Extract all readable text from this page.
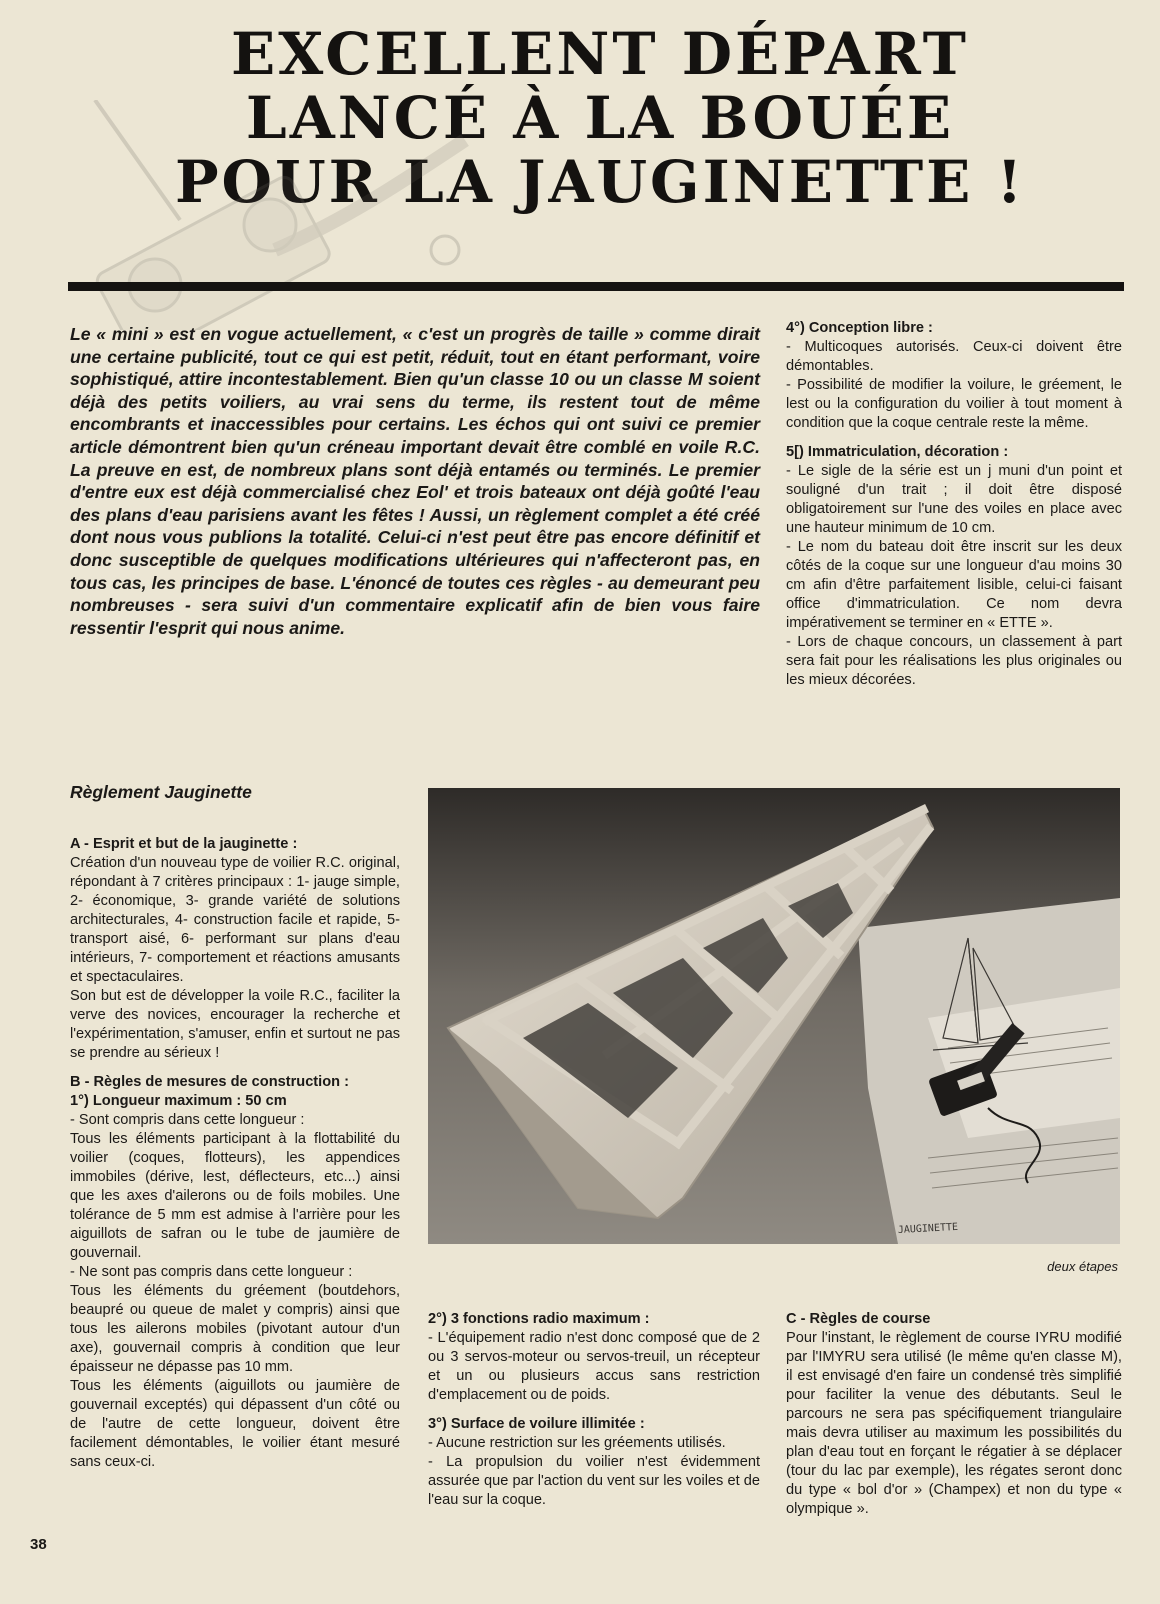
EXCELLENT DÉPART
LANCÉ À LA BOUÉE
POUR LA JAUGINETTE !
Le « mini » est en vogue actuellement, « c'est un progrès de taille » comme dirait une certaine publicité, tout ce qui est petit, réduit, tout en étant performant, voire sophistiqué, attire incontestablement. Bien qu'un classe 10 ou un classe M soient déjà des petits voiliers, au vrai sens du terme, ils restent tout de même encombrants et inaccessibles pour certains. Les échos qui ont suivi ce premier article démontrent bien qu'un créneau important devait être comblé en voile R.C. La preuve en est, de nombreux plans sont déjà entamés ou terminés. Le premier d'entre eux est déjà commercialisé chez Eol' et trois bateaux ont déjà goûté l'eau des plans d'eau parisiens avant les fêtes ! Aussi, un règlement complet a été créé dont nous vous publions la totalité. Celui-ci n'est peut être pas encore définitif et donc susceptible de quelques modifications ultérieures qui n'affecteront pas, en tous cas, les principes de base. L'énoncé de toutes ces règles - au demeurant peu nombreuses - sera suivi d'un commentaire explicatif afin de bien vous faire ressentir l'esprit qui nous anime.
4°) Conception libre :

- Multicoques autorisés. Ceux-ci doivent être démontables.

- Possibilité de modifier la voilure, le gréement, le lest ou la configuration du voilier à tout moment à condition que la coque centrale reste la même.

5[) Immatriculation, décoration :

- Le sigle de la série est un j muni d'un point et souligné d'un trait ; il doit être disposé obligatoirement sur l'une des voiles en place avec une hauteur minimum de 10 cm.

- Le nom du bateau doit être inscrit sur les deux côtés de la coque sur une longueur d'au moins 30 cm afin d'être parfaitement lisible, celui-ci faisant office d'immatriculation. Ce nom devra impérativement se terminer en « ETTE ».

- Lors de chaque concours, un classement à part sera fait pour les réalisations les plus originales ou les mieux décorées.

Règlement Jauginette
A - Esprit et but de la jauginette :

Création d'un nouveau type de voilier R.C. original, répondant à 7 critères principaux : 1- jauge simple, 2- économique, 3- grande variété de solutions architecturales, 4- construction facile et rapide, 5- transport aisé, 6- performant sur plans d'eau intérieurs, 7- comportement et réactions amusants et spectaculaires.

Son but est de développer la voile R.C., faciliter la verve des novices, encourager la recherche et l'expérimentation, s'amuser, enfin et surtout ne pas se prendre au sérieux !

B - Règles de mesures de construction :
1°) Longueur maximum : 50 cm

- Sont compris dans cette longueur :

Tous les éléments participant à la flottabilité du voilier (coques, flotteurs), les appendices immobiles (dérive, lest, déflecteurs, etc...) ainsi que les axes d'ailerons ou de foils mobiles. Une tolérance de 5 mm est admise à l'arrière pour les aiguillots de safran ou le tube de jaumière de gouvernail.

- Ne sont pas compris dans cette longueur :

Tous les éléments du gréement (boutdehors, beaupré ou queue de malet y compris) ainsi que tous les ailerons mobiles (pivotant autour d'un axe), gouvernail compris à condition que leur épaisseur ne dépasse pas 10 mm.

Tous les éléments (aiguillots ou jaumière de gouvernail exceptés) qui dépassent d'un côté ou de l'autre de cette longueur, doivent être facilement démontables, le voilier étant mesuré sans ceux-ci.

JAUGINETTE
deux étapes
2°) 3 fonctions radio maximum :

- L'équipement radio n'est donc composé que de 2 ou 3 servos-moteur ou servos-treuil, un récepteur et un ou plusieurs accus sans restriction d'emplacement ou de poids.

3°) Surface de voilure illimitée :

- Aucune restriction sur les gréements utilisés.

- La propulsion du voilier n'est évidemment assurée que par l'action du vent sur les voiles et de l'eau sur la coque.

C - Règles de course

Pour l'instant, le règlement de course IYRU modifié par l'IMYRU sera utilisé (le même qu'en classe M), il est envisagé d'en faire un condensé très simplifié pour faciliter la venue des débutants. Seul le parcours ne sera pas spécifiquement triangulaire mais devra utiliser au maximum les possibilités du plan d'eau tout en forçant le régatier à se déplacer (tour du lac par exemple), les régates seront donc du type « bol d'or » (Champex) et non du type « olympique ».

38
